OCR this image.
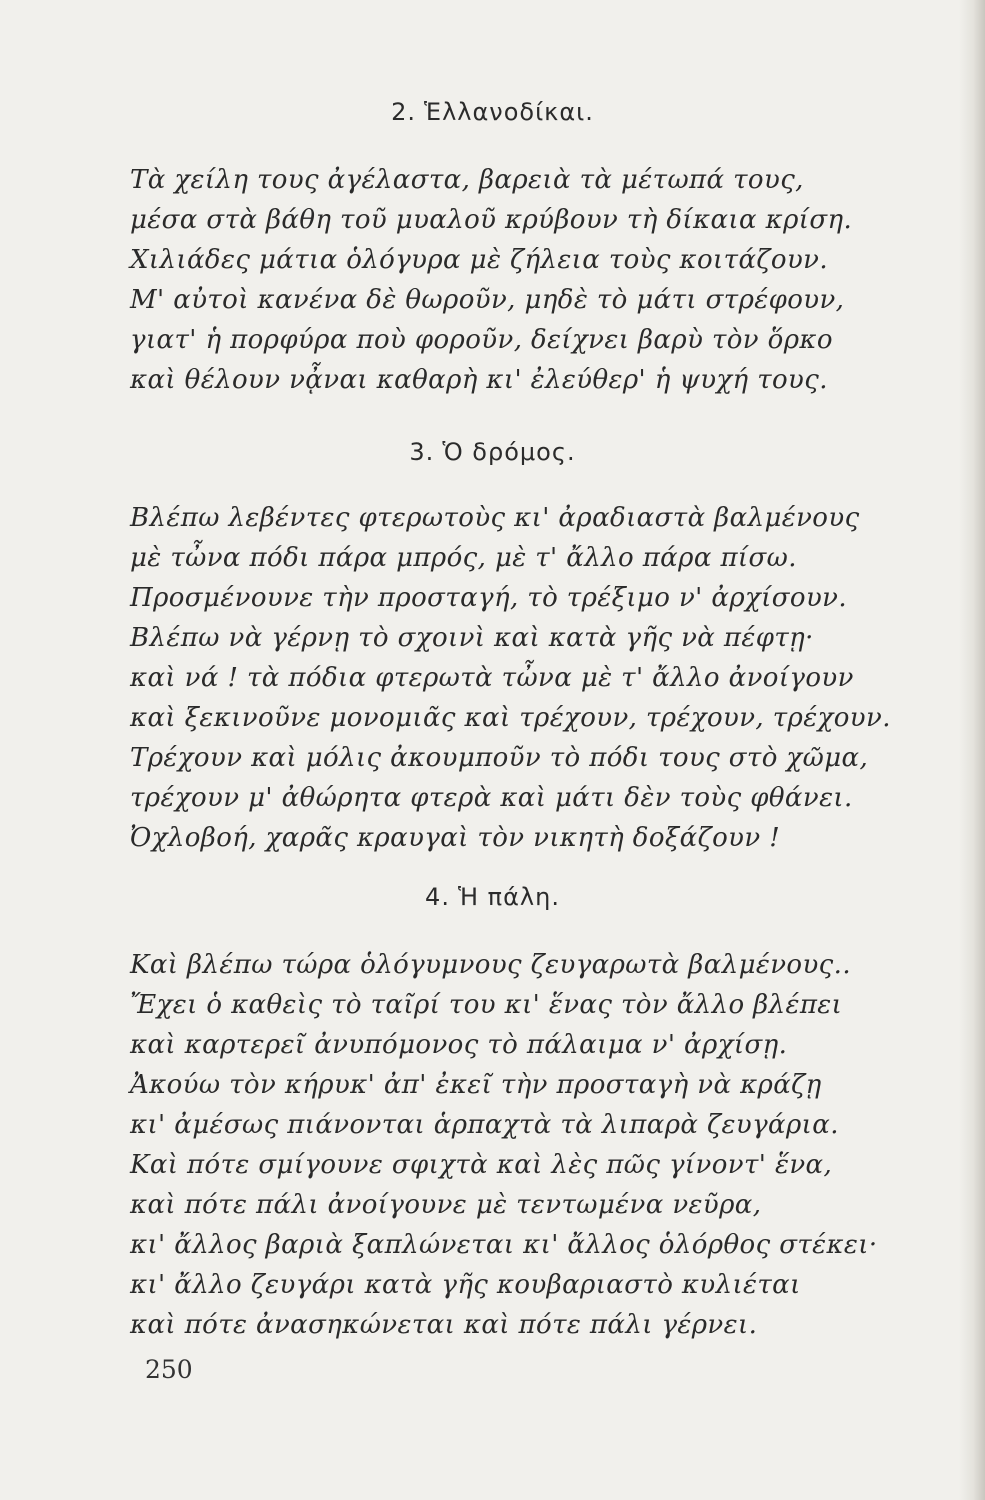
2. Ἑλλανοδίκαι.
Τὰ χείλη τους ἀγέλαστα, βαρειὰ τὰ μέτωπά τους,
μέσα στὰ βάθη τοῦ μυαλοῦ κρύβουν τὴ δίκαια κρίση.
Χιλιάδες μάτια ὁλόγυρα μὲ ζήλεια τοὺς κοιτάζουν.
Μ' αὐτοὶ κανένα δὲ θωροῦν, μηδὲ τὸ μάτι στρέφουν,
γιατ' ἡ πορφύρα ποὺ φοροῦν, δείχνει βαρὺ τὸν ὅρκο
καὶ θέλουν νᾆναι καθαρὴ κι' ἐλεύθερ' ἡ ψυχή τους.
3. Ὁ δρόμος.
Βλέπω λεβέντες φτερωτοὺς κι' ἀραδιαστὰ βαλμένους
μὲ τὦνα πόδι πάρα μπρός, μὲ τ' ἄλλο πάρα πίσω.
Προσμένουνε τὴν προσταγή, τὸ τρέξιμο ν' ἀρχίσουν.
Βλέπω νὰ γέρνῃ τὸ σχοινὶ καὶ κατὰ γῆς νὰ πέφτῃ·
καὶ νά ! τὰ πόδια φτερωτὰ τὦνα μὲ τ' ἄλλο ἀνοίγουν
καὶ ξεκινοῦνε μονομιᾶς καὶ τρέχουν, τρέχουν, τρέχουν.
Τρέχουν καὶ μόλις ἀκουμποῦν τὸ πόδι τους στὸ χῶμα,
τρέχουν μ' ἀθώρητα φτερὰ καὶ μάτι δὲν τοὺς φθάνει.
Ὀχλοβοή, χαρᾶς κραυγαὶ τὸν νικητὴ δοξάζουν !
4. Ἡ πάλη.
Καὶ βλέπω τώρα ὁλόγυμνους ζευγαρωτὰ βαλμένους..
Ἔχει ὁ καθεὶς τὸ ταῖρί του κι' ἕνας τὸν ἄλλο βλέπει
καὶ καρτερεῖ ἀνυπόμονος τὸ πάλαιμα ν' ἀρχίσῃ.
Ἀκούω τὸν κήρυκ' ἀπ' ἐκεῖ τὴν προσταγὴ νὰ κράζῃ
κι' ἀμέσως πιάνονται ἁρπαχτὰ τὰ λιπαρὰ ζευγάρια.
Καὶ πότε σμίγουνε σφιχτὰ καὶ λὲς πῶς γίνοντ' ἕνα,
καὶ πότε πάλι ἀνοίγουνε μὲ τεντωμένα νεῦρα,
κι' ἄλλος βαριὰ ξαπλώνεται κι' ἄλλος ὁλόρθος στέκει·
κι' ἄλλο ζευγάρι κατὰ γῆς κουβαριαστὸ κυλιέται
καὶ πότε ἀνασηκώνεται καὶ πότε πάλι γέρνει.
250
